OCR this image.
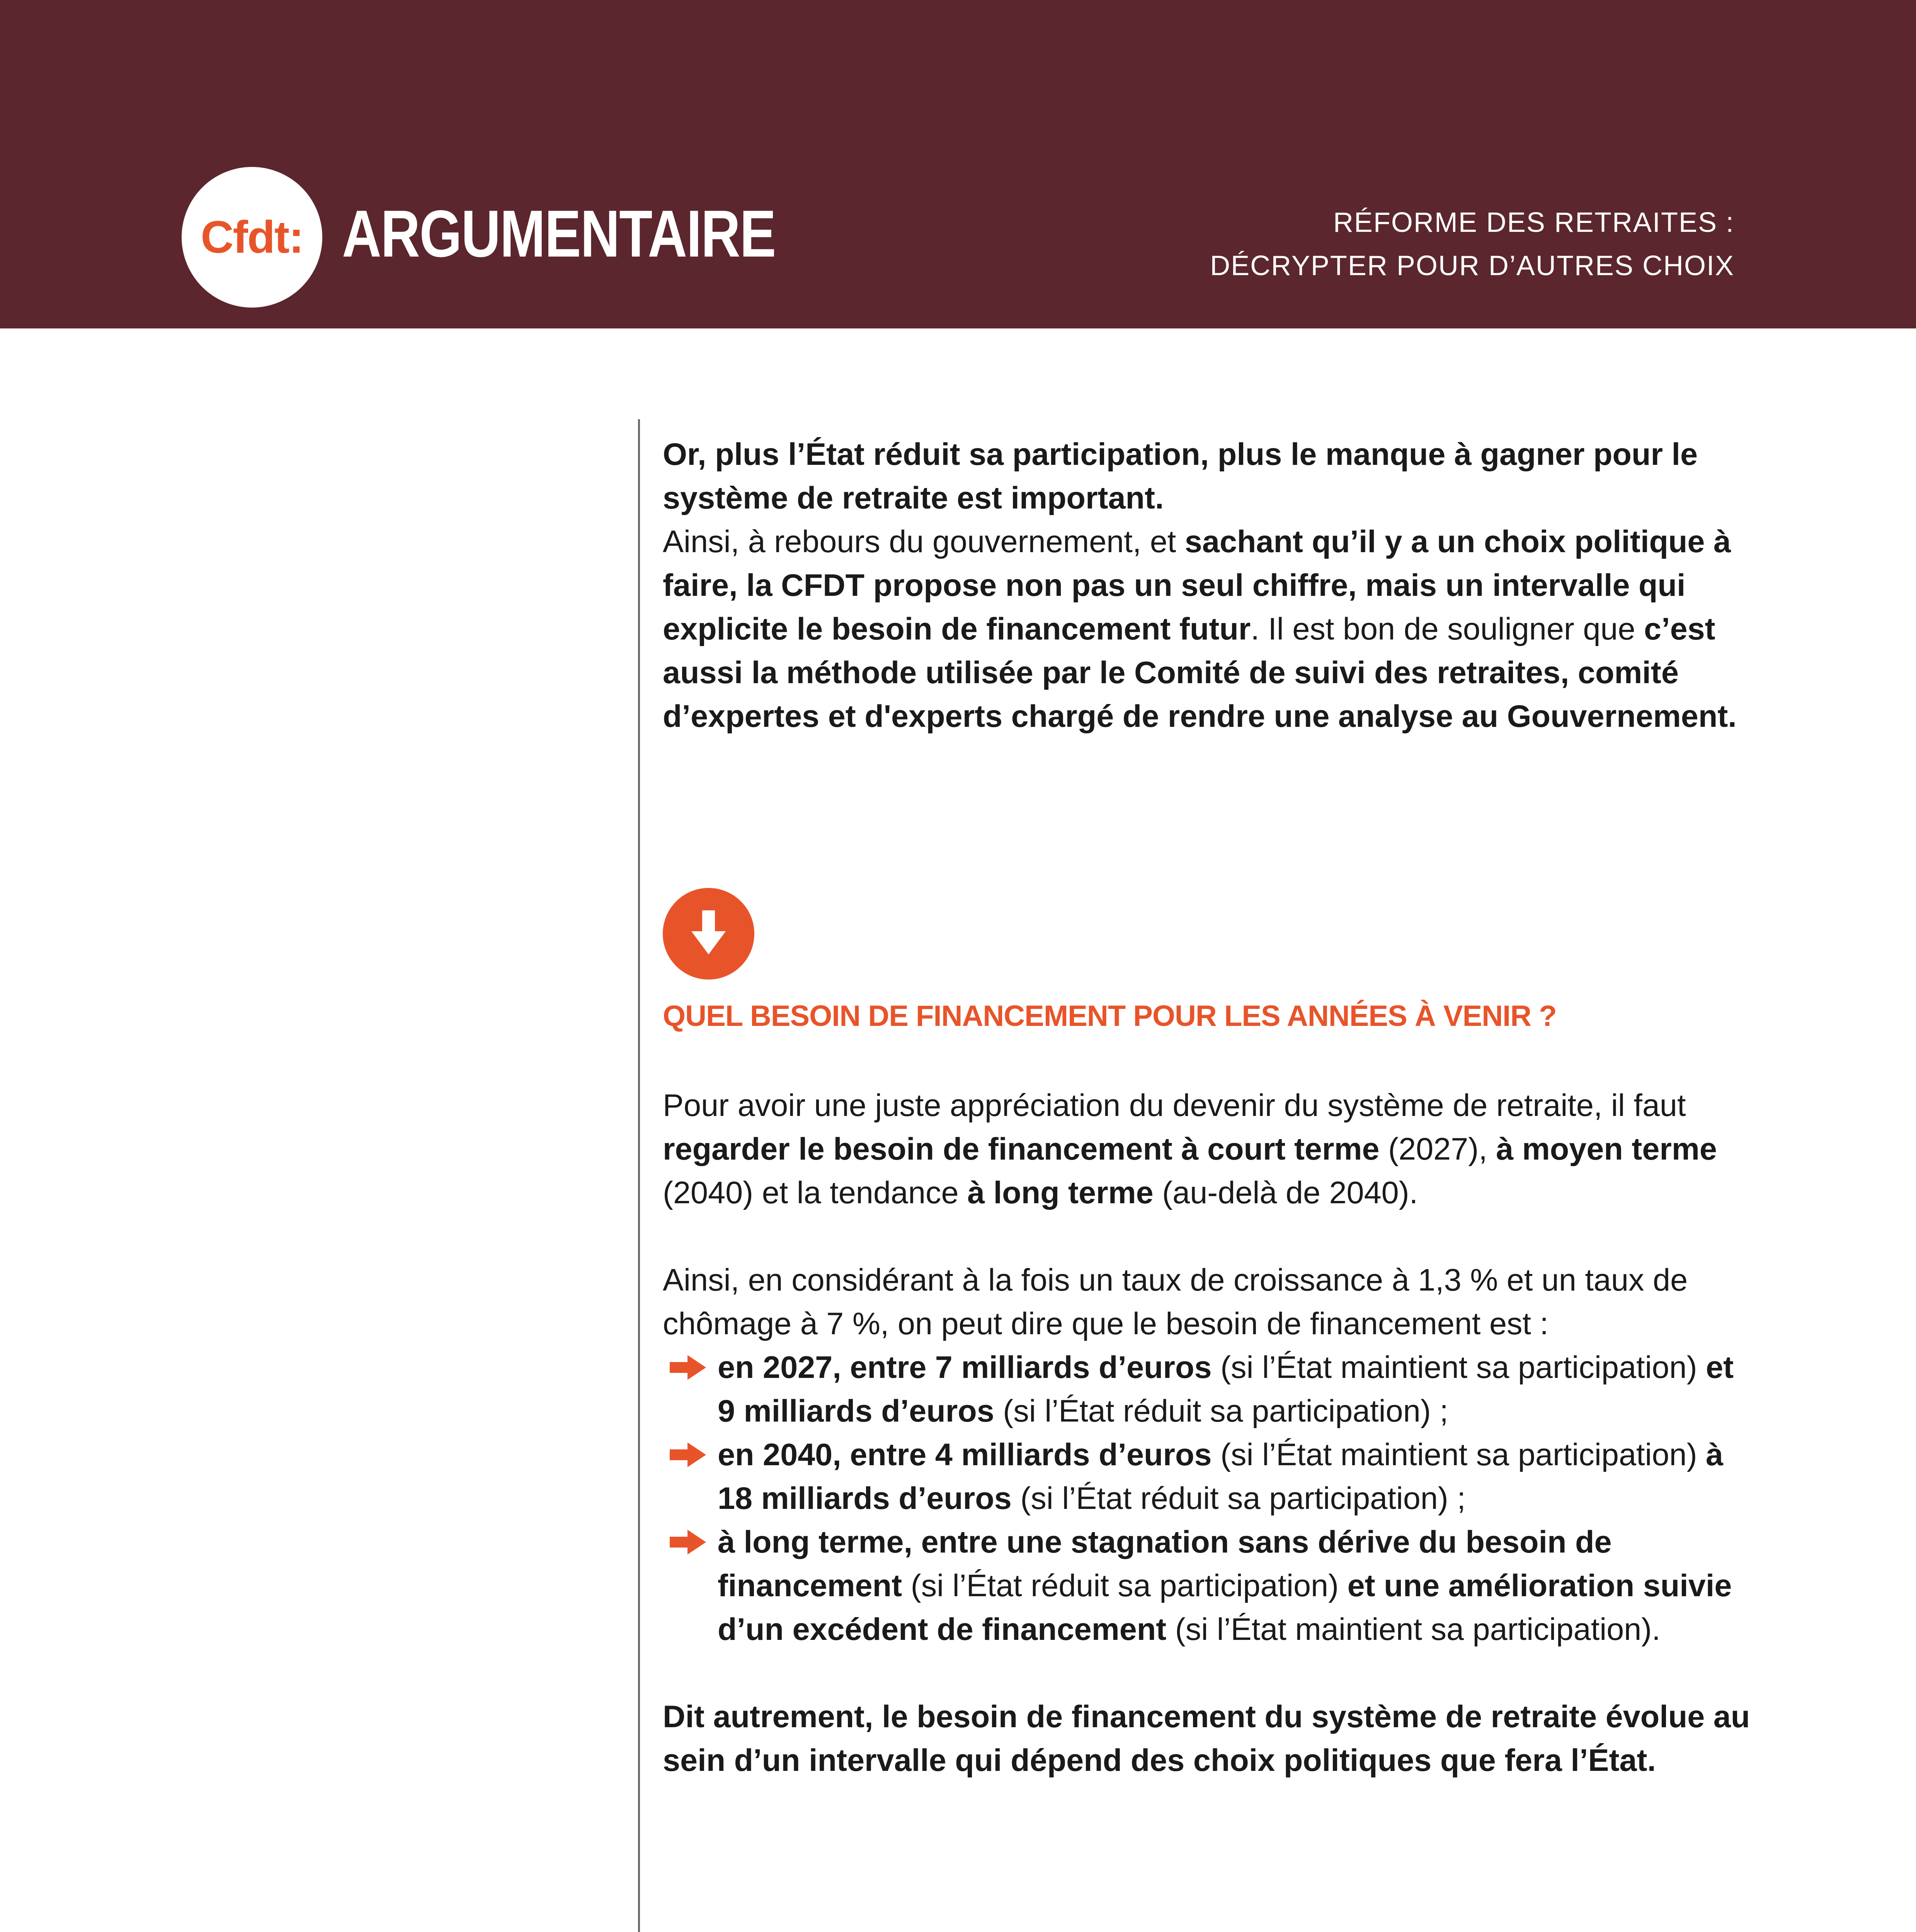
Cfdt: ARGUMENTAIRE	RÉFORME DES RETRAITES :
DÉCRYPTER POUR D’AUTRES CHOIX

Or, plus l’État réduit sa participation, plus le manque à gagner pour le système de retraite est important.

Ainsi, à rebours du gouvernement, et sachant qu’il y a un choix politique à faire, la CFDT propose non pas un seul chiffre, mais un intervalle qui explicite le besoin de financement futur. Il est bon de souligner que c’est aussi la méthode utilisée par le Comité de suivi des retraites, comité d’expertes et d'experts chargé de rendre une analyse au Gouvernement.

QUEL BESOIN DE FINANCEMENT POUR LES ANNÉES À VENIR ?

Pour avoir une juste appréciation du devenir du système de retraite, il faut regarder le besoin de financement à court terme (2027), à moyen terme (2040) et la tendance à long terme (au-delà de 2040).

Ainsi, en considérant à la fois un taux de croissance à 1,3 % et un taux de chômage à 7 %, on peut dire que le besoin de financement est :

en 2027, entre 7 milliards d’euros (si l’État maintient sa participation) et 9 milliards d’euros (si l’État réduit sa participation) ;
en 2040, entre 4 milliards d’euros (si l’État maintient sa participation) à 18 milliards d’euros (si l’État réduit sa participation) ;
à long terme, entre une stagnation sans dérive du besoin de financement (si l’État réduit sa participation) et une amélioration suivie d’un excédent de financement (si l’État maintient sa participation).

Dit autrement, le besoin de financement du système de retraite évolue au sein d’un intervalle qui dépend des choix politiques que fera l’État.
